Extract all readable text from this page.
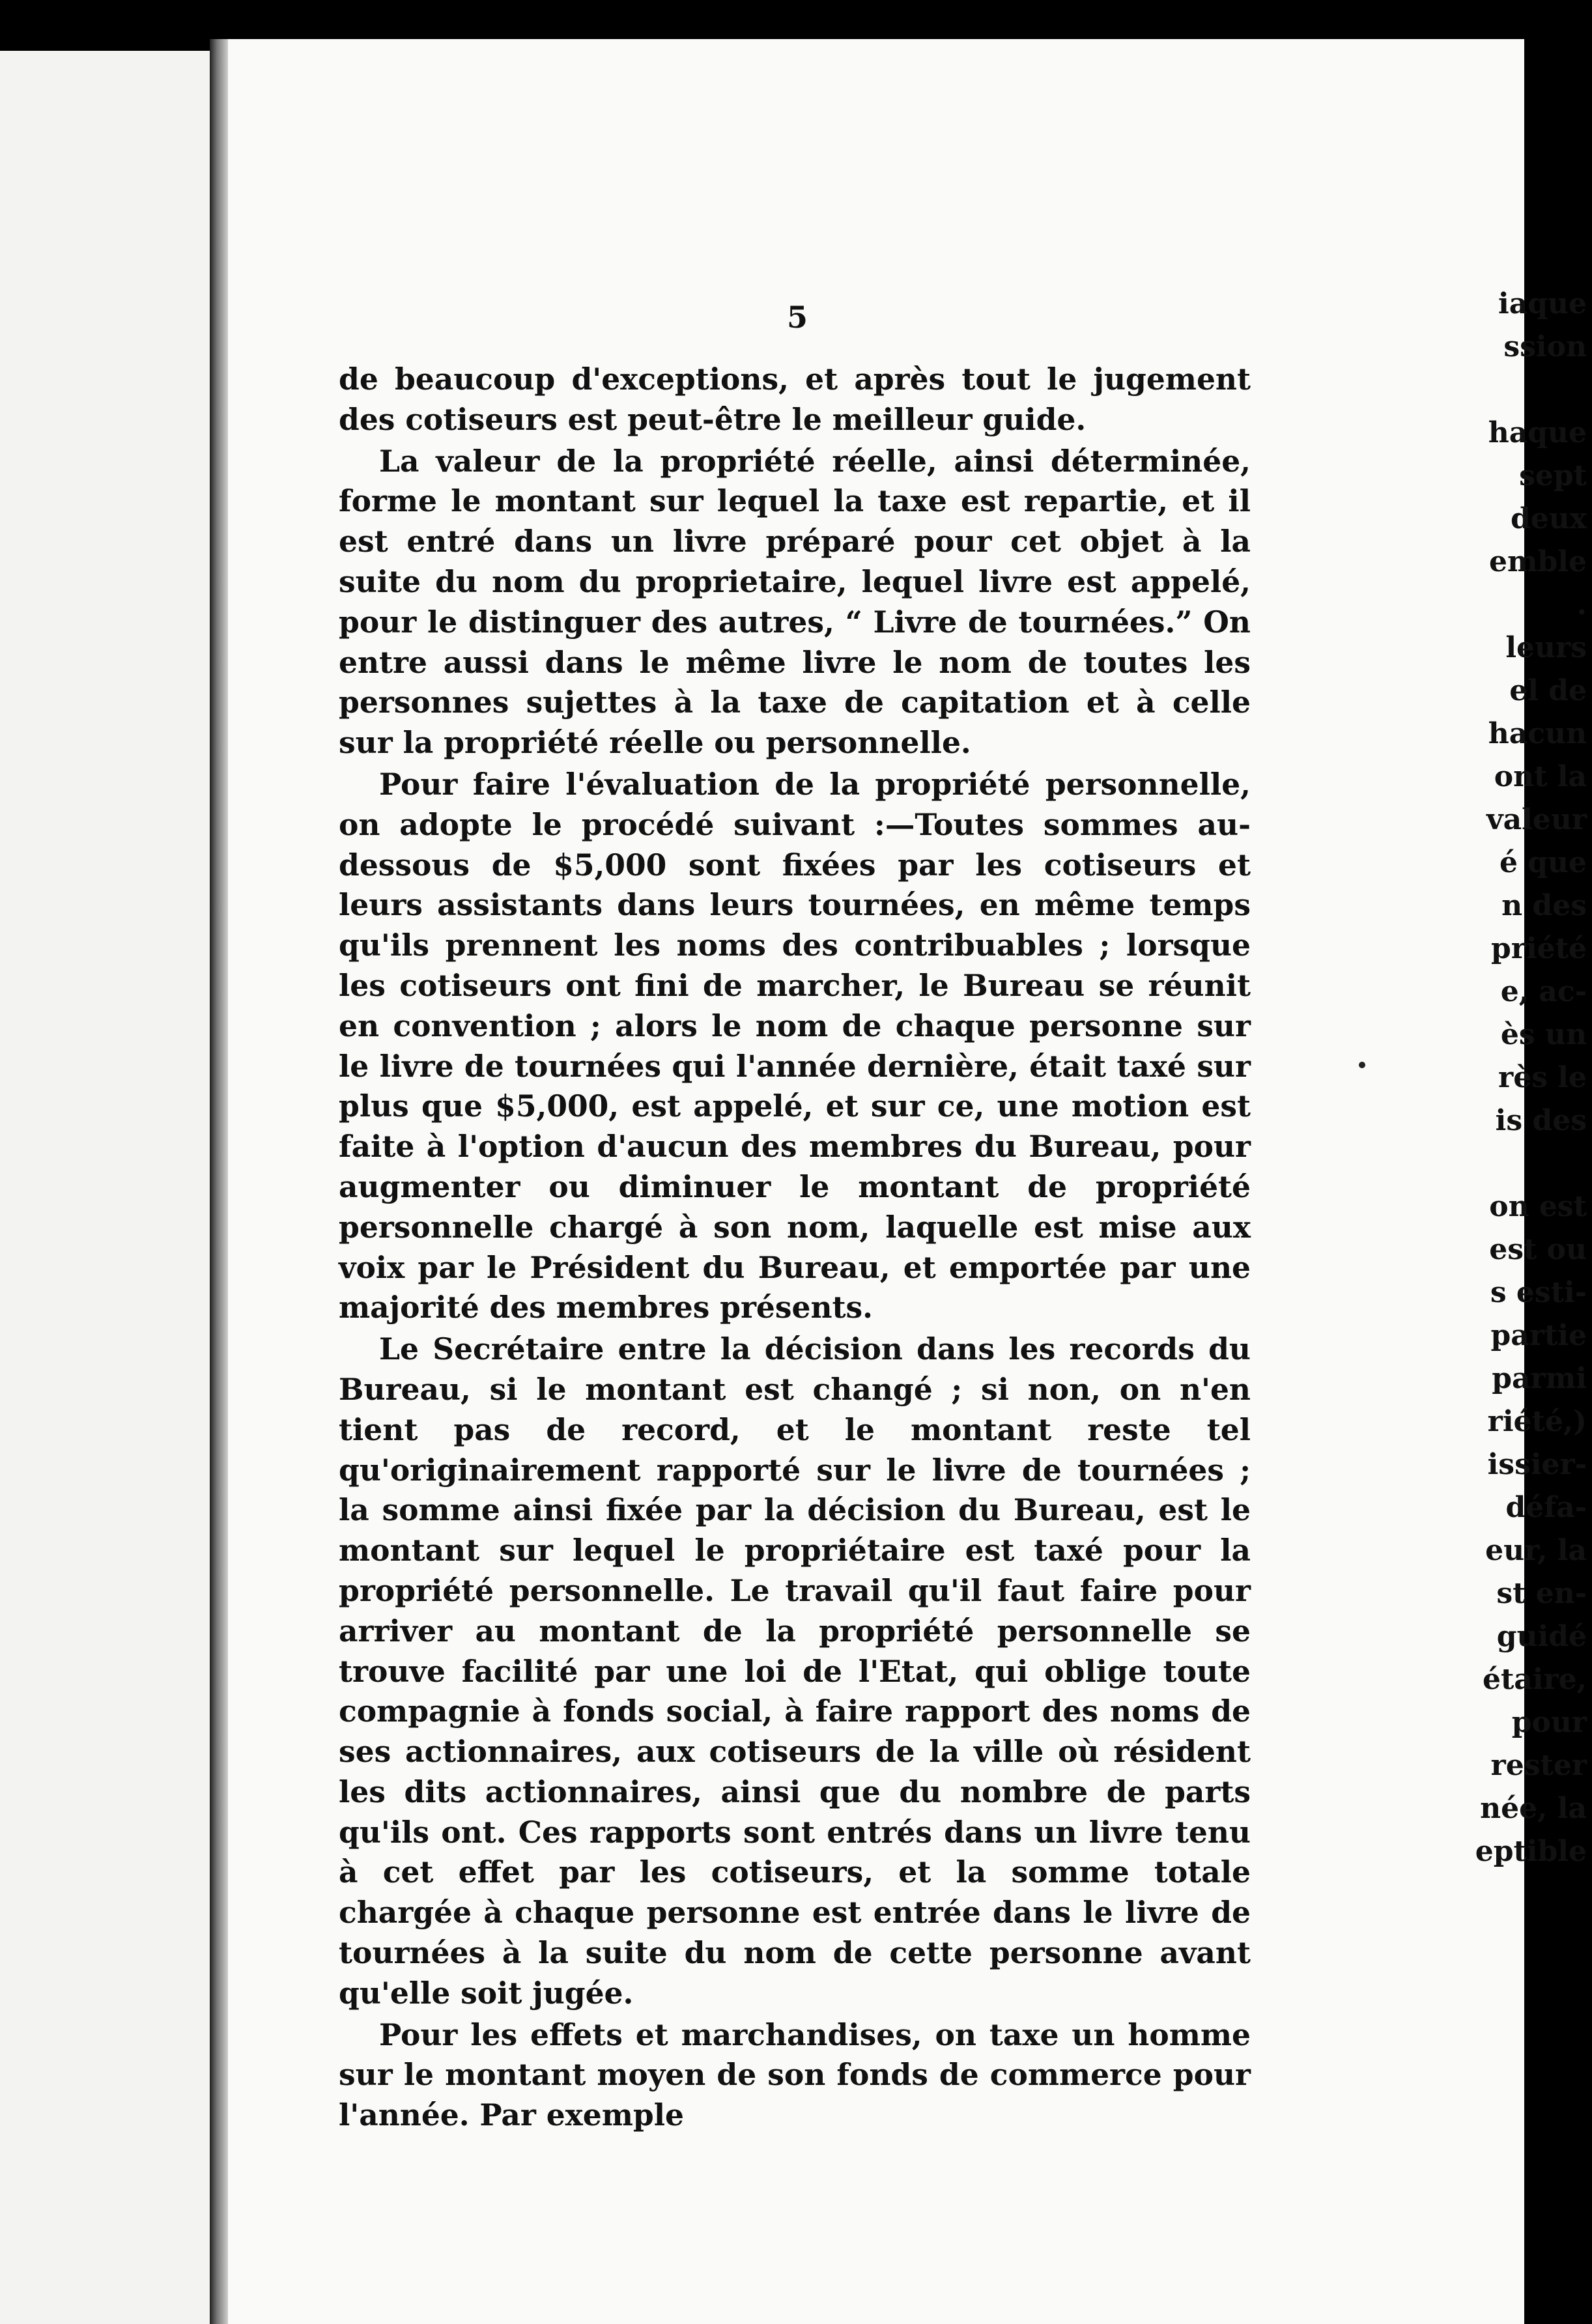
iaque
ssion
haque
sept
deux
emble
.
leurs
el de
hacun
ont la
valeur
é que
n des
priété
e, ac-
ès un
rès le
is des
on est
est ou
s esti-
partie
parmi
riété,)
issier-
défa-
eur, la
st en-
guidé
étaire,
pour
rester
née, la
eptible
5

de beaucoup d'exceptions, et après tout le jugement des cotiseurs est peut-être le meilleur guide.

La valeur de la propriété réelle, ainsi déterminée, forme le montant sur lequel la taxe est repartie, et il est entré dans un livre préparé pour cet objet à la suite du nom du proprietaire, lequel livre est appelé, pour le distinguer des autres, “ Livre de tournées.” On entre aussi dans le même livre le nom de toutes les personnes sujettes à la taxe de capitation et à celle sur la propriété réelle ou personnelle.

Pour faire l'évaluation de la propriété personnelle, on adopte le procédé suivant :—Toutes sommes au-dessous de $5,000 sont fixées par les cotiseurs et leurs assistants dans leurs tournées, en même temps qu'ils prennent les noms des contribuables ; lorsque les cotiseurs ont fini de marcher, le Bureau se réunit en convention ; alors le nom de chaque personne sur le livre de tournées qui l'année dernière, était taxé sur plus que $5,000, est appelé, et sur ce, une motion est faite à l'option d'aucun des membres du Bureau, pour augmenter ou diminuer le montant de propriété personnelle chargé à son nom, laquelle est mise aux voix par le Président du Bureau, et emportée par une majorité des membres présents.

Le Secrétaire entre la décision dans les records du Bureau, si le montant est changé ; si non, on n'en tient pas de record, et le montant reste tel qu'originairement rapporté sur le livre de tournées ; la somme ainsi fixée par la décision du Bureau, est le montant sur lequel le propriétaire est taxé pour la propriété personnelle. Le travail qu'il faut faire pour arriver au montant de la propriété personnelle se trouve facilité par une loi de l'Etat, qui oblige toute compagnie à fonds social, à faire rapport des noms de ses actionnaires, aux cotiseurs de la ville où résident les dits actionnaires, ainsi que du nombre de parts qu'ils ont. Ces rapports sont entrés dans un livre tenu à cet effet par les cotiseurs, et la somme totale chargée à chaque personne est entrée dans le livre de tournées à la suite du nom de cette personne avant qu'elle soit jugée.

Pour les effets et marchandises, on taxe un homme sur le montant moyen de son fonds de commerce pour l'année. Par exemple
